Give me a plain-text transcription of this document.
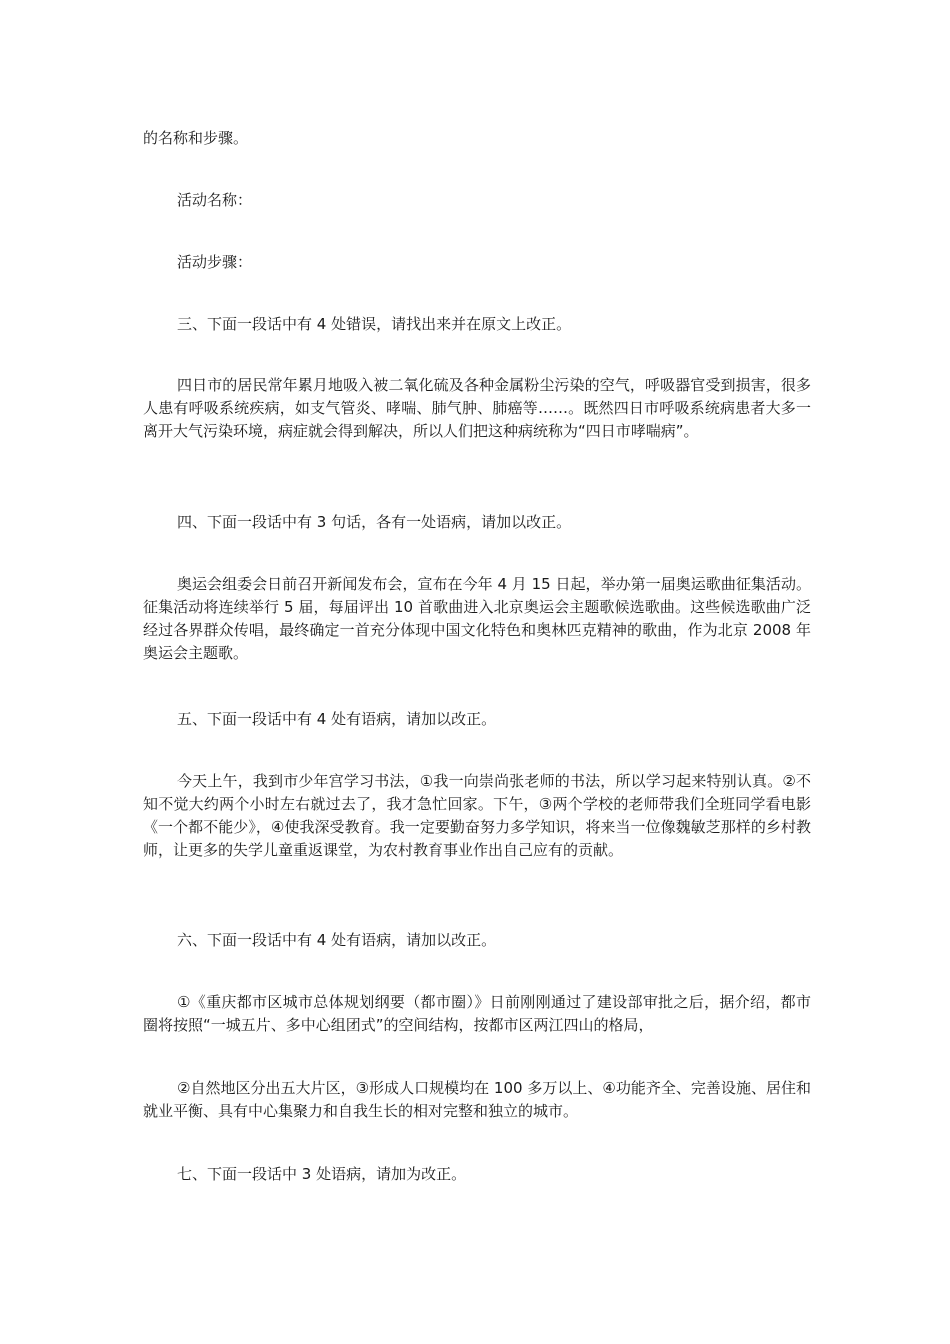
的名称和步骤。

活动名称：

活动步骤：

三、下面一段话中有 4 处错误，请找出来并在原文上改正。

四日市的居民常年累月地吸入被二氧化硫及各种金属粉尘污染的空气，呼吸器官受到损害，很多人患有呼吸系统疾病，如支气管炎、哮喘、肺气肿、肺癌等……。既然四日市呼吸系统病患者大多一离开大气污染环境，病症就会得到解决，所以人们把这种病统称为“四日市哮喘病”。

四、下面一段话中有 3 句话，各有一处语病，请加以改正。

奥运会组委会日前召开新闻发布会，宣布在今年 4 月 15 日起，举办第一届奥运歌曲征集活动。征集活动将连续举行 5 届，每届评出 10 首歌曲进入北京奥运会主题歌候选歌曲。这些候选歌曲广泛经过各界群众传唱，最终确定一首充分体现中国文化特色和奥林匹克精神的歌曲，作为北京 2008 年奥运会主题歌。

五、下面一段话中有 4 处有语病，请加以改正。

今天上午，我到市少年宫学习书法，①我一向崇尚张老师的书法，所以学习起来特别认真。②不知不觉大约两个小时左右就过去了，我才急忙回家。下午，③两个学校的老师带我们全班同学看电影《一个都不能少》，④使我深受教育。我一定要勤奋努力多学知识，将来当一位像魏敏芝那样的乡村教师，让更多的失学儿童重返课堂，为农村教育事业作出自己应有的贡献。

六、下面一段话中有 4 处有语病，请加以改正。

①《重庆都市区城市总体规划纲要（都市圈）》日前刚刚通过了建设部审批之后，据介绍，都市圈将按照“一城五片、多中心组团式”的空间结构，按都市区两江四山的格局，

②自然地区分出五大片区，③形成人口规模均在 100 多万以上、④功能齐全、完善设施、居住和就业平衡、具有中心集聚力和自我生长的相对完整和独立的城市。

七、下面一段话中 3 处语病，请加为改正。
